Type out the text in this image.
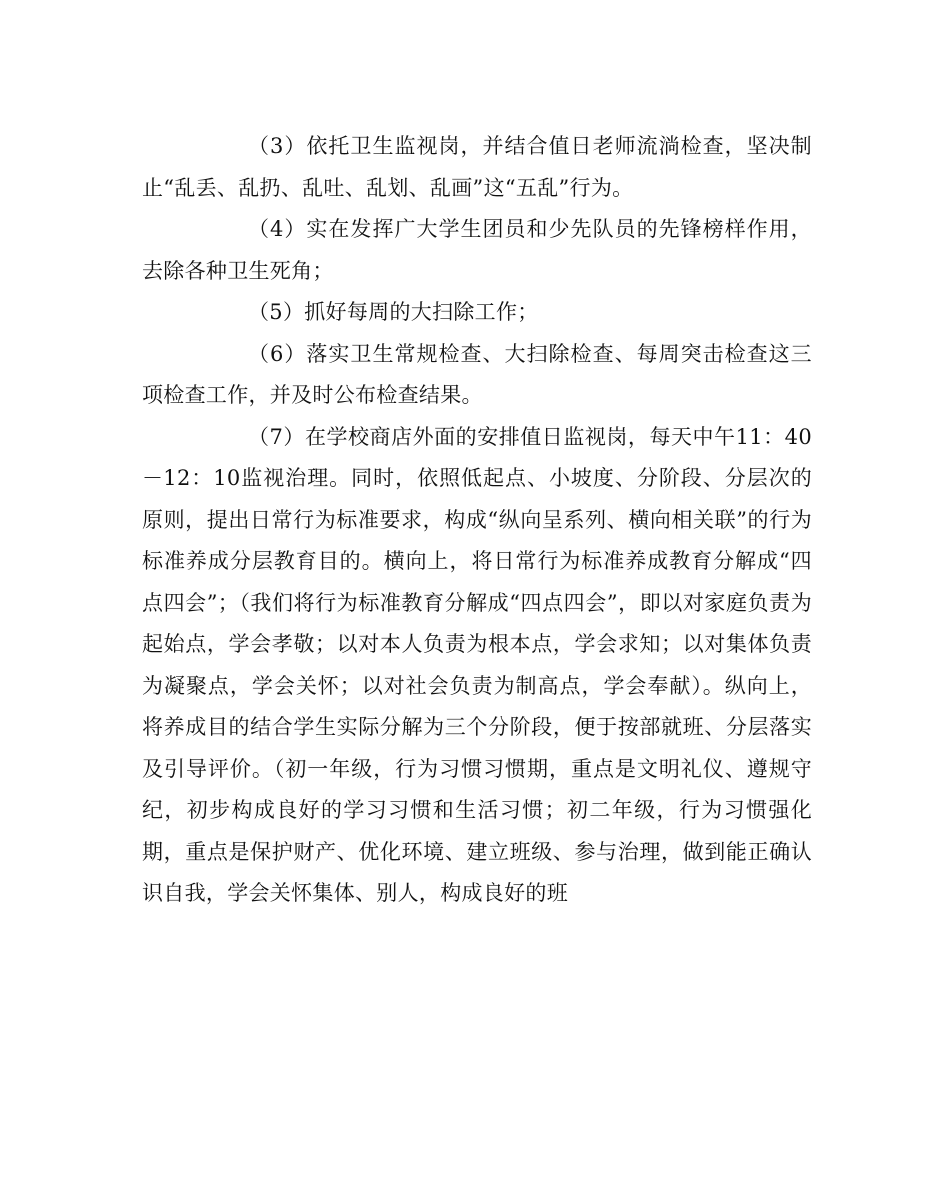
（3）依托卫生监视岗，并结合值日老师流淌检查，坚决制止“乱丢、乱扔、乱吐、乱划、乱画”这“五乱”行为。

（4）实在发挥广大学生团员和少先队员的先锋榜样作用，去除各种卫生死角；

（5）抓好每周的大扫除工作；

（6）落实卫生常规检查、大扫除检查、每周突击检查这三项检查工作，并及时公布检查结果。

（7）在学校商店外面的安排值日监视岗，每天中午11：40－12：10监视治理。同时，依照低起点、小坡度、分阶段、分层次的原则，提出日常行为标准要求，构成“纵向呈系列、横向相关联”的行为标准养成分层教育目的。横向上，将日常行为标准养成教育分解成“四点四会”；（我们将行为标准教育分解成“四点四会”，即以对家庭负责为起始点，学会孝敬；以对本人负责为根本点，学会求知；以对集体负责为凝聚点，学会关怀；以对社会负责为制高点，学会奉献）。纵向上，将养成目的结合学生实际分解为三个分阶段，便于按部就班、分层落实及引导评价。（初一年级，行为习惯习惯期，重点是文明礼仪、遵规守纪，初步构成良好的学习习惯和生活习惯；初二年级，行为习惯强化期，重点是保护财产、优化环境、建立班级、参与治理，做到能正确认识自我，学会关怀集体、别人，构成良好的班
